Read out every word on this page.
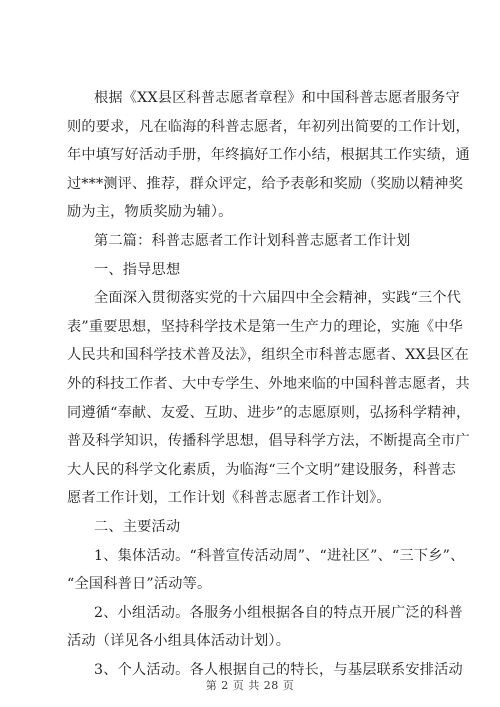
根据《XX县区科普志愿者章程》和中国科普志愿者服务守
则的要求，凡在临海的科普志愿者，年初列出简要的工作计划，
年中填写好活动手册，年终搞好工作小结，根据其工作实绩，通
过***测评、推荐，群众评定，给予表彰和奖励（奖励以精神奖
励为主，物质奖励为辅）。
第二篇：科普志愿者工作计划科普志愿者工作计划
一、指导思想
全面深入贯彻落实党的十六届四中全会精神，实践“三个代
表”重要思想，坚持科学技术是第一生产力的理论，实施《中华
人民共和国科学技术普及法》，组织全市科普志愿者、XX县区在
外的科技工作者、大中专学生、外地来临的中国科普志愿者，共
同遵循“奉献、友爱、互助、进步”的志愿原则，弘扬科学精神，
普及科学知识，传播科学思想，倡导科学方法，不断提高全市广
大人民的科学文化素质，为临海“三个文明”建设服务，科普志
愿者工作计划，工作计划《科普志愿者工作计划》。
二、主要活动
1、集体活动。“科普宣传活动周”、“进社区”、“三下乡”、
“全国科普日”活动等。
2、小组活动。各服务小组根据各自的特点开展广泛的科普
活动（详见各小组具体活动计划）。
3、个人活动。各人根据自己的特长，与基层联系安排活动
第 2 页 共 28 页
